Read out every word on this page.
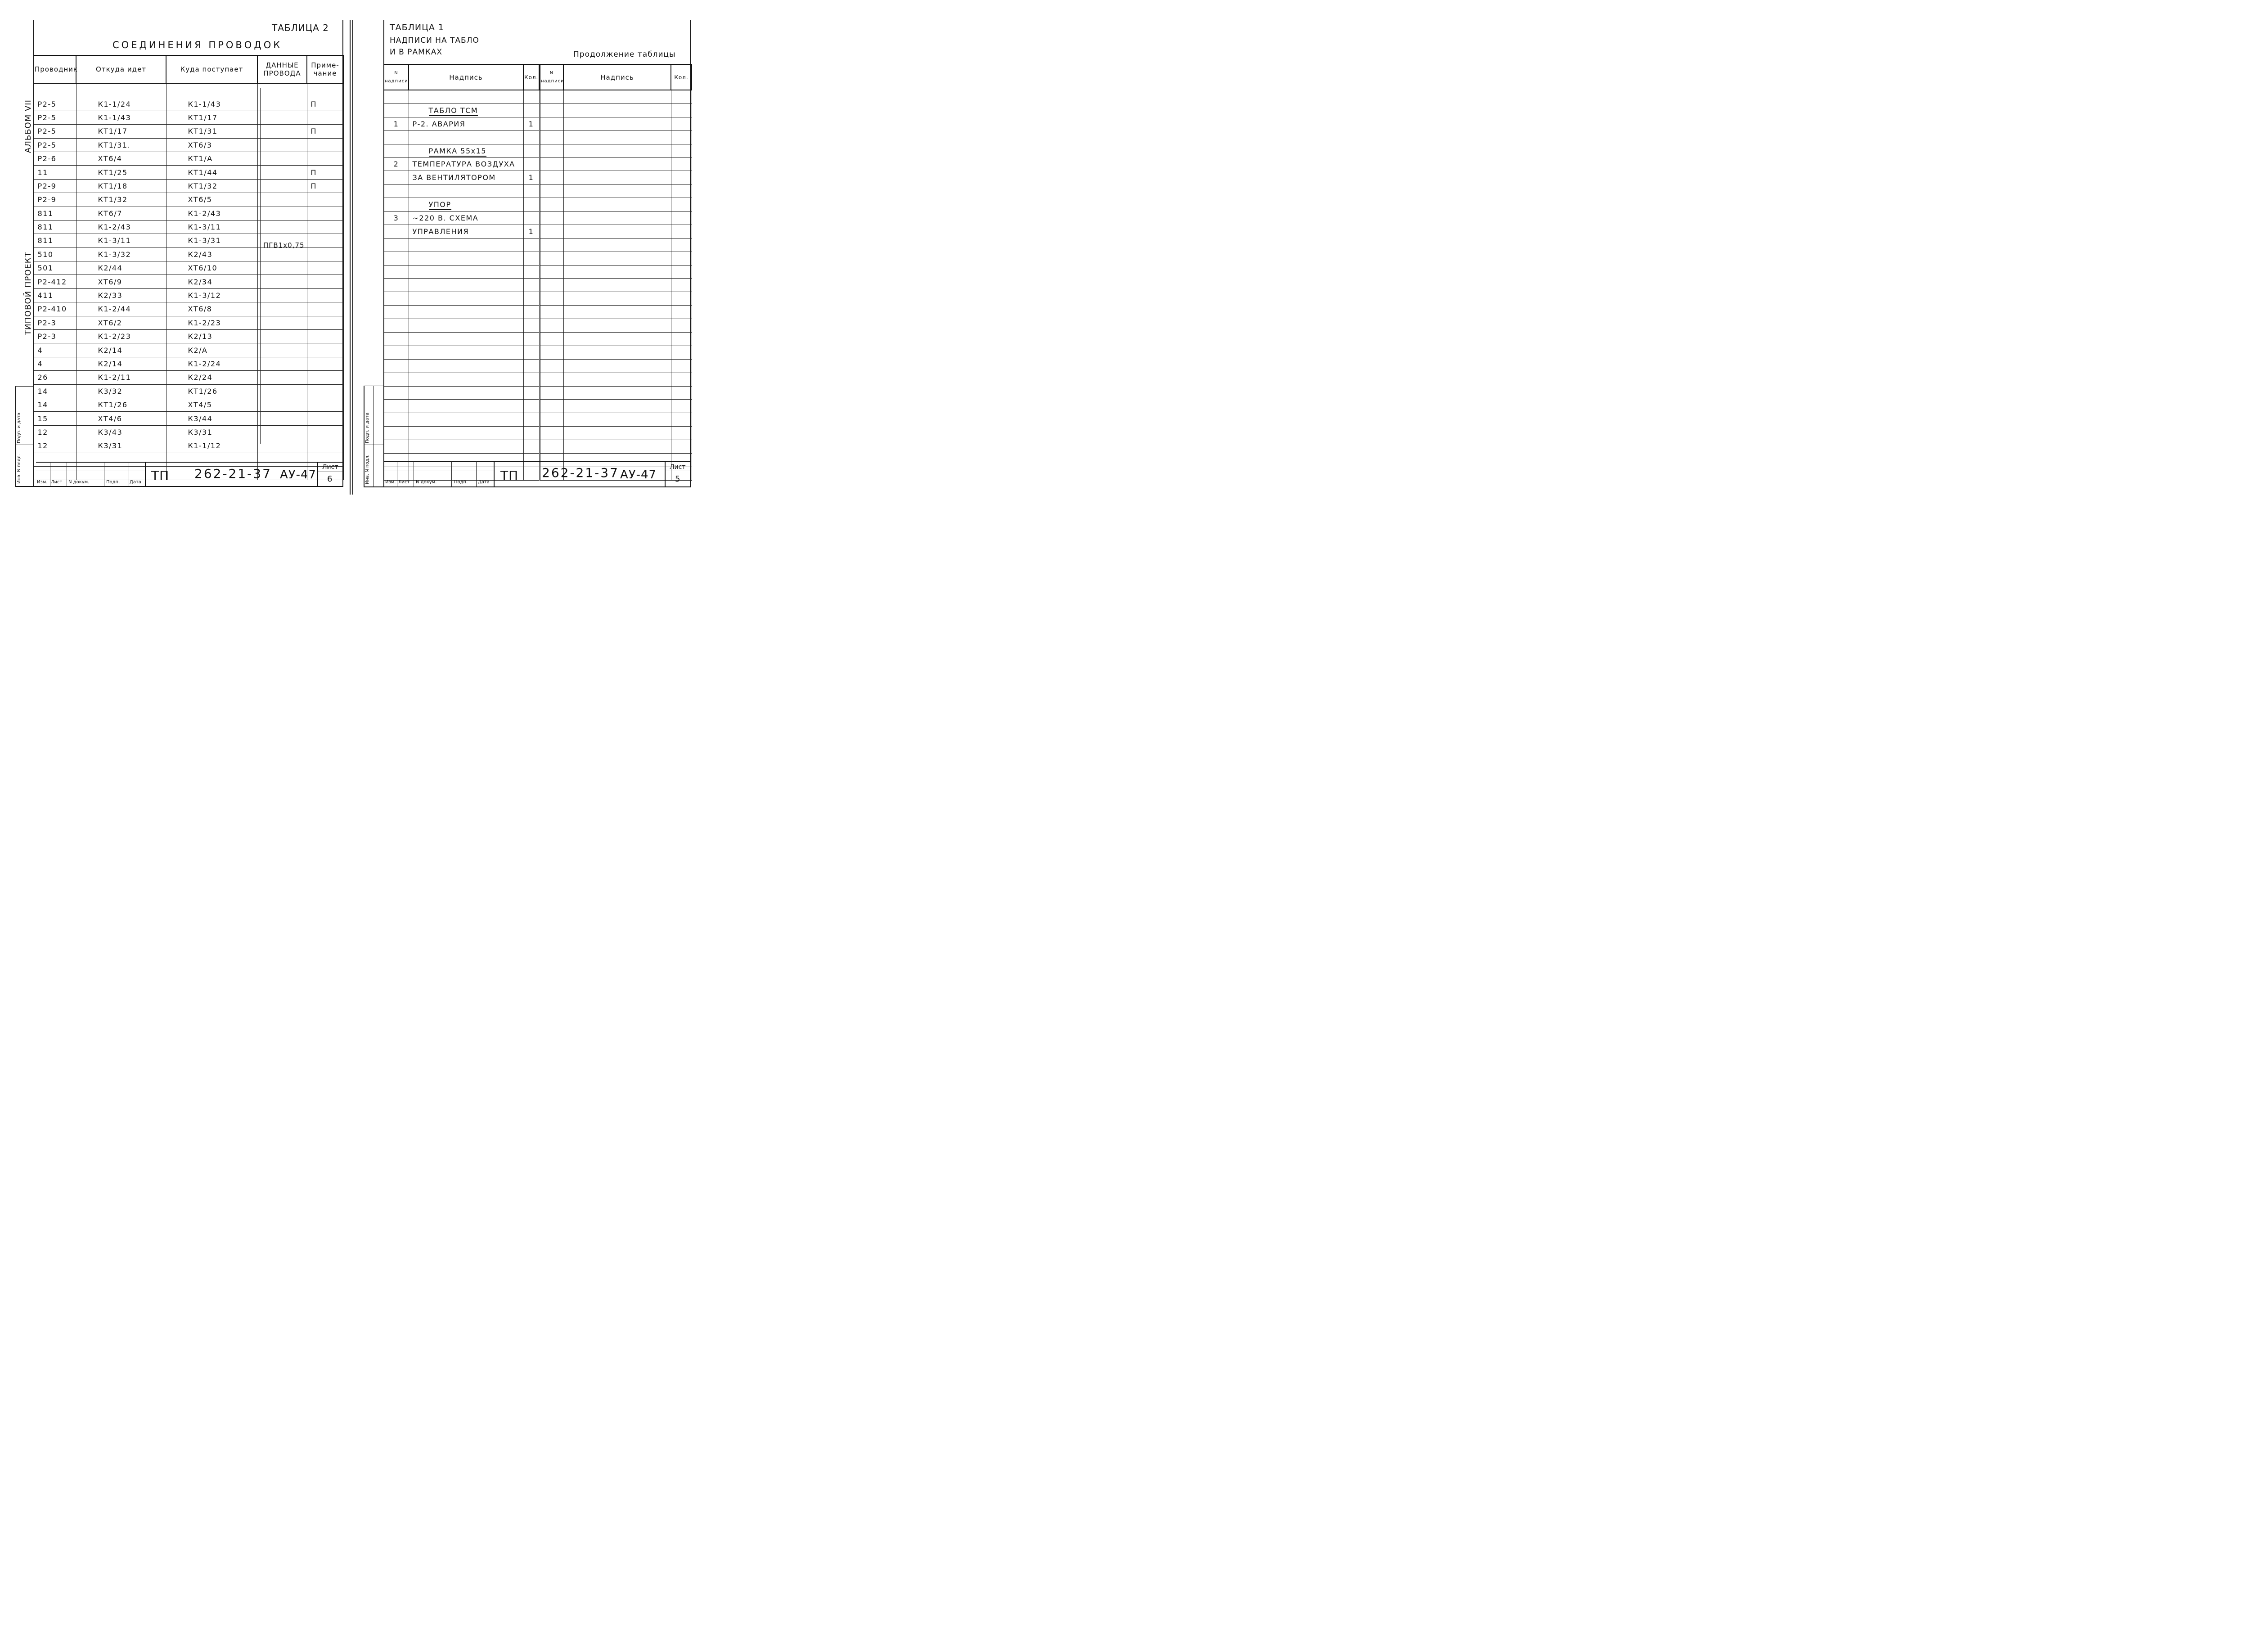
ТАБЛИЦА 2
СОЕДИНЕНИЯ ПРОВОДОК
АЛЬБОМ VII
ТИПОВОЙ ПРОЕКТ
Проводник	Откуда идет	Куда поступает	ДАННЫЕ ПРОВОДА	Приме-чание

Р2-5	К1-1/24	К1-1/43		П
Р2-5	К1-1/43	КТ1/17		
Р2-5	КТ1/17	КТ1/31		П
Р2-5	КТ1/31.	ХТ6/3		
Р2-6	ХТ6/4	КТ1/А		
11	КТ1/25	КТ1/44		П
Р2-9	КТ1/18	КТ1/32		П
Р2-9	КТ1/32	ХТ6/5		
811	КТ6/7	К1-2/43		
811	К1-2/43	К1-3/11		
811	К1-3/11	К1-3/31		
510	К1-3/32	К2/43		
501	К2/44	ХТ6/10		
Р2-412	ХТ6/9	К2/34		
411	К2/33	К1-3/12		
Р2-410	К1-2/44	ХТ6/8		
Р2-3	ХТ6/2	К1-2/23		
Р2-3	К1-2/23	К2/13		
4	К2/14	К2/А		
4	К2/14	К1-2/24		
26	К1-2/11	К2/24		
14	К3/32	КТ1/26		
14	КТ1/26	ХТ4/5		
15	ХТ4/6	К3/44		
12	К3/43	К3/31		
12	К3/31	К1-1/12		

ПГВ1х0,75
Инв. N подл.
Подп. и дата
Изм. Лист N докум.	Подп. Дата ТП 262-21-37 АУ-47
Лист
6
ТАБЛИЦА 1
НАДПИСИ НА ТАБЛО
И В РАМКАХ	Продолжение таблицы
N надписи	Надпись	Кол.

	ТАБЛО ТСМ	
1	Р-2. АВАРИЯ	1

	РАМКА 55х15	
2	ТЕМПЕРАТУРА ВОЗДУХА	
	ЗА ВЕНТИЛЯТОРОМ	1

	УПОР	
3	~220 В. СХЕМА	
	УПРАВЛЕНИЯ	1

N надписи	Надпись	Кол.

Инв. N подл.
Подп. и дата
Изм. Лист N докум.	Подп. Дата ТП 262-21-37 АУ-47
Лист
5
